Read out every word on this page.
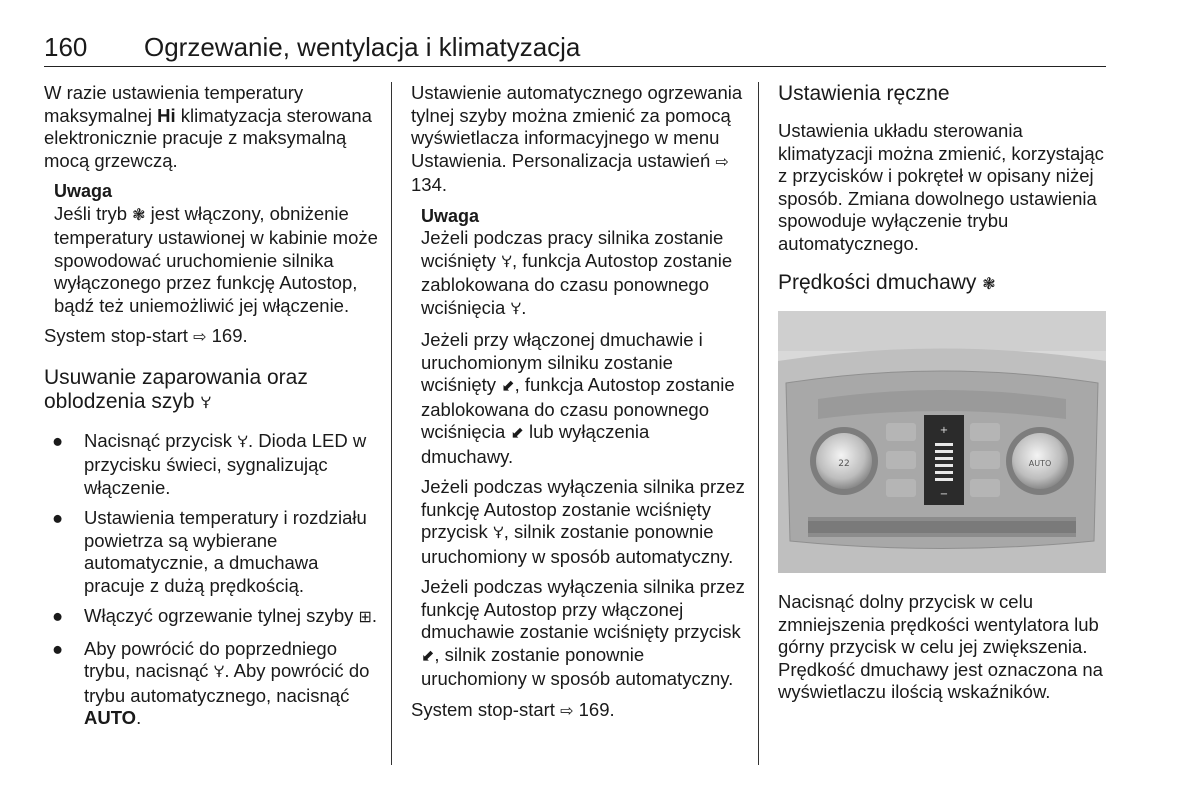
160 Ogrzewanie, wentylacja i klimatyzacja

W razie ustawienia temperatury maksymalnej Hi klimatyzacja sterowana elektronicznie pracuje z maksymalną mocą grzewczą.

Uwaga
Jeśli tryb ❃ jest włączony, obniżenie temperatury ustawionej w kabinie może spowodować uruchomienie silnika wyłączonego przez funkcję Autostop, bądź też uniemożliwić jej włączenie.

System stop-start ⇨ 169.

Usuwanie zaparowania oraz oblodzenia szyb 🝁
● Nacisnąć przycisk 🝁. Dioda LED w przycisku świeci, sygnalizując włączenie.
● Ustawienia temperatury i rozdziału powietrza są wybierane automatycznie, a dmuchawa pracuje z dużą prędkością.
● Włączyć ogrzewanie tylnej szyby ⊞.
● Aby powrócić do poprzedniego trybu, nacisnąć 🝁. Aby powrócić do trybu automatycznego, nacisnąć AUTO.

Ustawienie automatycznego ogrzewania tylnej szyby można zmienić za pomocą wyświetlacza informacyjnego w menu Ustawienia. Personalizacja ustawień ⇨ 134.

Uwaga

Jeżeli podczas pracy silnika zostanie wciśnięty 🝁, funkcja Autostop zostanie zablokowana do czasu ponownego wciśnięcia 🝁.

Jeżeli przy włączonej dmuchawie i uruchomionym silniku zostanie wciśnięty ⬋, funkcja Autostop zostanie zablokowana do czasu ponownego wciśnięcia ⬋ lub wyłączenia dmuchawy.

Jeżeli podczas wyłączenia silnika przez funkcję Autostop zostanie wciśnięty przycisk 🝁, silnik zostanie ponownie uruchomiony w sposób automatyczny.

Jeżeli podczas wyłączenia silnika przez funkcję Autostop przy włączonej dmuchawie zostanie wciśnięty przycisk ⬋, silnik zostanie ponownie uruchomiony w sposób automatyczny.

System stop-start ⇨ 169.

Ustawienia ręczne

Ustawienia układu sterowania klimatyzacji można zmienić, korzystając z przycisków i pokręteł w opisany niżej sposób. Zmiana dowolnego ustawienia spowoduje wyłączenie trybu automatycznego.

Prędkości dmuchawy ❃
+
−
22	AUTO

Nacisnąć dolny przycisk w celu zmniejszenia prędkości wentylatora lub górny przycisk w celu jej zwiększenia. Prędkość dmuchawy jest oznaczona na wyświetlaczu ilością wskaźników.
